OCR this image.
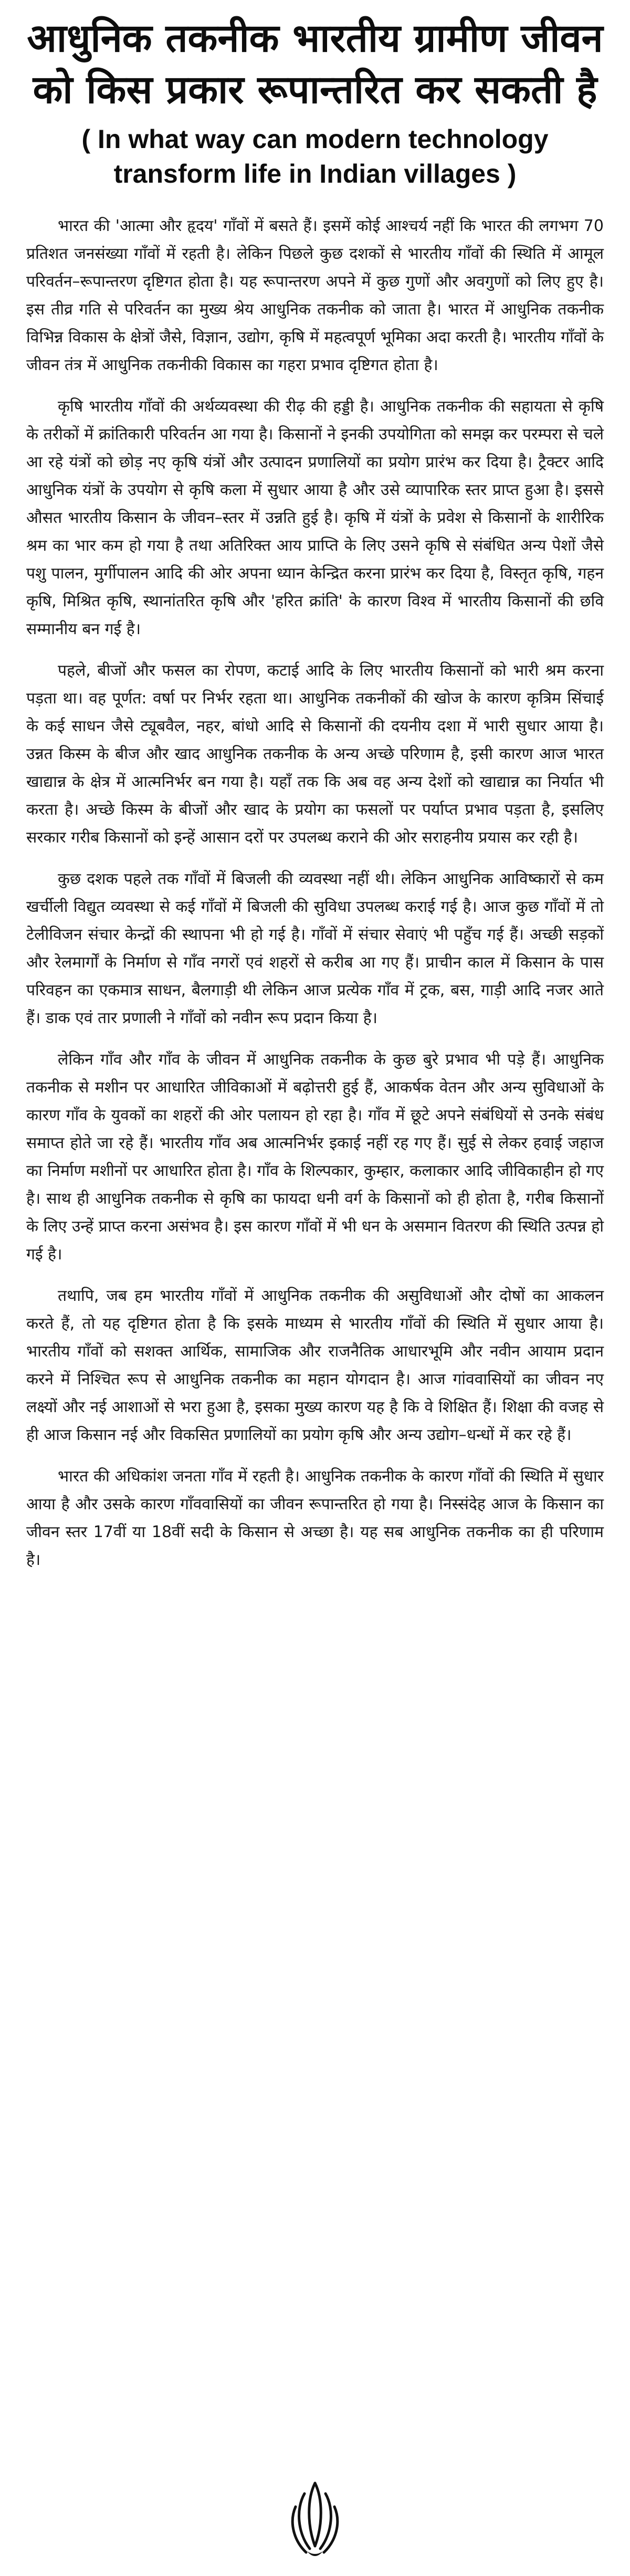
आधुनिक तकनीक भारतीय ग्रामीण जीवन को किस प्रकार रूपान्तरित कर सकती है
( In what way can modern technology transform life in Indian villages )

भारत की 'आत्मा और हृदय' गाँवों में बसते हैं। इसमें कोई आश्चर्य नहीं कि भारत की लगभग 70 प्रतिशत जनसंख्या गाँवों में रहती है। लेकिन पिछले कुछ दशकों से भारतीय गाँवों की स्थिति में आमूल परिवर्तन–रूपान्तरण दृष्टिगत होता है। यह रूपान्तरण अपने में कुछ गुणों और अवगुणों को लिए हुए है। इस तीव्र गति से परिवर्तन का मुख्य श्रेय आधुनिक तकनीक को जाता है। भारत में आधुनिक तकनीक विभिन्न विकास के क्षेत्रों जैसे, विज्ञान, उद्योग, कृषि में महत्वपूर्ण भूमिका अदा करती है। भारतीय गाँवों के जीवन तंत्र में आधुनिक तकनीकी विकास का गहरा प्रभाव दृष्टिगत होता है।

कृषि भारतीय गाँवों की अर्थव्यवस्था की रीढ़ की हड्डी है। आधुनिक तकनीक की सहायता से कृषि के तरीकों में क्रांतिकारी परिवर्तन आ गया है। किसानों ने इनकी उपयोगिता को समझ कर परम्परा से चले आ रहे यंत्रों को छोड़ नए कृषि यंत्रों और उत्पादन प्रणालियों का प्रयोग प्रारंभ कर दिया है। ट्रैक्टर आदि आधुनिक यंत्रों के उपयोग से कृषि कला में सुधार आया है और उसे व्यापारिक स्तर प्राप्त हुआ है। इससे औसत भारतीय किसान के जीवन–स्तर में उन्नति हुई है। कृषि में यंत्रों के प्रवेश से किसानों के शारीरिक श्रम का भार कम हो गया है तथा अतिरिक्त आय प्राप्ति के लिए उसने कृषि से संबंधित अन्य पेशों जैसे पशु पालन, मुर्गीपालन आदि की ओर अपना ध्यान केन्द्रित करना प्रारंभ कर दिया है, विस्तृत कृषि, गहन कृषि, मिश्रित कृषि, स्थानांतरित कृषि और 'हरित क्रांति' के कारण विश्व में भारतीय किसानों की छवि सम्मानीय बन गई है।

पहले, बीजों और फसल का रोपण, कटाई आदि के लिए भारतीय किसानों को भारी श्रम करना पड़ता था। वह पूर्णत: वर्षा पर निर्भर रहता था। आधुनिक तकनीकों की खोज के कारण कृत्रिम सिंचाई के कई साधन जैसे ट्यूबवैल, नहर, बांधो आदि से किसानों की दयनीय दशा में भारी सुधार आया है। उन्नत किस्म के बीज और खाद आधुनिक तकनीक के अन्य अच्छे परिणाम है, इसी कारण आज भारत खाद्यान्न के क्षेत्र में आत्मनिर्भर बन गया है। यहाँ तक कि अब वह अन्य देशों को खाद्यान्न का निर्यात भी करता है। अच्छे किस्म के बीजों और खाद के प्रयोग का फसलों पर पर्याप्त प्रभाव पड़ता है, इसलिए सरकार गरीब किसानों को इन्हें आसान दरों पर उपलब्ध कराने की ओर सराहनीय प्रयास कर रही है।

कुछ दशक पहले तक गाँवों में बिजली की व्यवस्था नहीं थी। लेकिन आधुनिक आविष्कारों से कम खर्चीली विद्युत व्यवस्था से कई गाँवों में बिजली की सुविधा उपलब्ध कराई गई है। आज कुछ गाँवों में तो टेलीविजन संचार केन्द्रों की स्थापना भी हो गई है। गाँवों में संचार सेवाएं भी पहुँच गई हैं। अच्छी सड़कों और रेलमार्गों के निर्माण से गाँव नगरों एवं शहरों से करीब आ गए हैं। प्राचीन काल में किसान के पास परिवहन का एकमात्र साधन, बैलगाड़ी थी लेकिन आज प्रत्येक गाँव में ट्रक, बस, गाड़ी आदि नजर आते हैं। डाक एवं तार प्रणाली ने गाँवों को नवीन रूप प्रदान किया है।

लेकिन गाँव और गाँव के जीवन में आधुनिक तकनीक के कुछ बुरे प्रभाव भी पड़े हैं। आधुनिक तकनीक से मशीन पर आधारित जीविकाओं में बढ़ोत्तरी हुई हैं, आकर्षक वेतन और अन्य सुविधाओं के कारण गाँव के युवकों का शहरों की ओर पलायन हो रहा है। गाँव में छूटे अपने संबंधियों से उनके संबंध समाप्त होते जा रहे हैं। भारतीय गाँव अब आत्मनिर्भर इकाई नहीं रह गए हैं। सुई से लेकर हवाई जहाज का निर्माण मशीनों पर आधारित होता है। गाँव के शिल्पकार, कुम्हार, कलाकार आदि जीविकाहीन हो गए है। साथ ही आधुनिक तकनीक से कृषि का फायदा धनी वर्ग के किसानों को ही होता है, गरीब किसानों के लिए उन्हें प्राप्त करना असंभव है। इस कारण गाँवों में भी धन के असमान वितरण की स्थिति उत्पन्न हो गई है।

तथापि, जब हम भारतीय गाँवों में आधुनिक तकनीक की असुविधाओं और दोषों का आकलन करते हैं, तो यह दृष्टिगत होता है कि इसके माध्यम से भारतीय गाँवों की स्थिति में सुधार आया है। भारतीय गाँवों को सशक्त आर्थिक, सामाजिक और राजनैतिक आधारभूमि और नवीन आयाम प्रदान करने में निश्चित रूप से आधुनिक तकनीक का महान योगदान है। आज गांववासियों का जीवन नए लक्ष्यों और नई आशाओं से भरा हुआ है, इसका मुख्य कारण यह है कि वे शिक्षित हैं। शिक्षा की वजह से ही आज किसान नई और विकसित प्रणालियों का प्रयोग कृषि और अन्य उद्योग–धन्धों में कर रहे हैं।

भारत की अधिकांश जनता गाँव में रहती है। आधुनिक तकनीक के कारण गाँवों की स्थिति में सुधार आया है और उसके कारण गाँववासियों का जीवन रूपान्तरित हो गया है। निस्संदेह आज के किसान का जीवन स्तर 17वीं या 18वीं सदी के किसान से अच्छा है। यह सब आधुनिक तकनीक का ही परिणाम है।
